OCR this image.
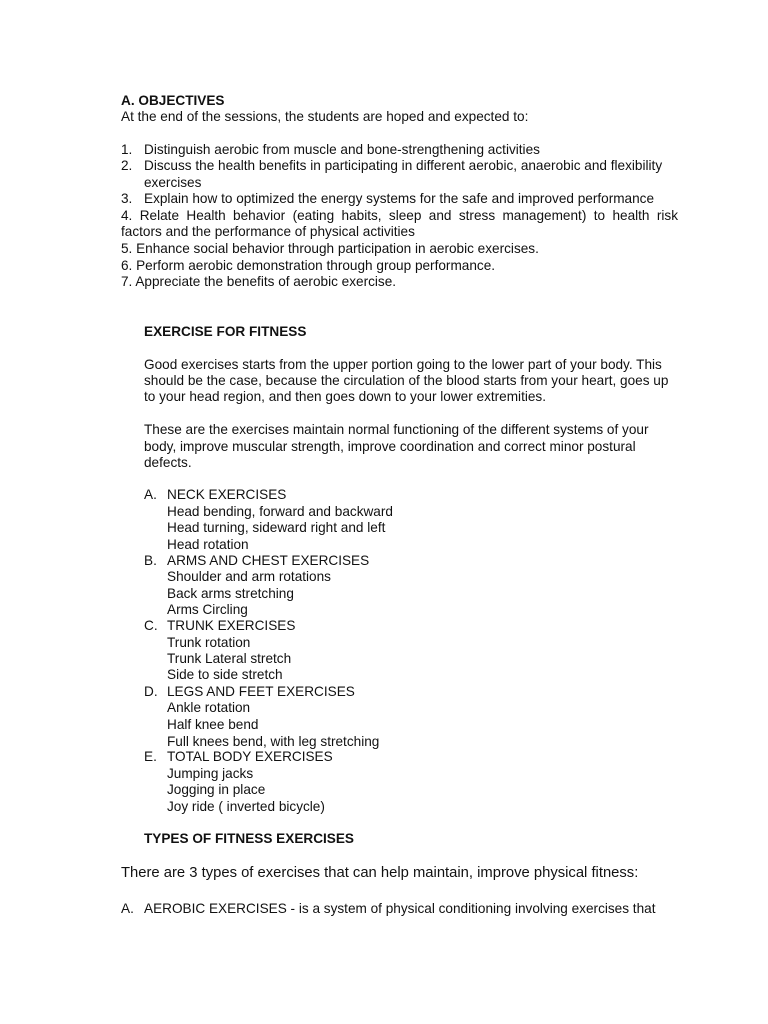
A. OBJECTIVES
At the end of the sessions, the students are hoped and expected to:
1. Distinguish aerobic from muscle and bone-strengthening activities
2. Discuss the health benefits in participating in different aerobic, anaerobic and flexibility
exercises
3. Explain how to optimized the energy systems for the safe and improved performance
4. Relate Health behavior (eating habits, sleep and stress management) to health risk
factors and the performance of physical activities
5. Enhance social behavior through participation in aerobic exercises.
6. Perform aerobic demonstration through group performance.
7. Appreciate the benefits of aerobic exercise.
EXERCISE FOR FITNESS
Good exercises starts from the upper portion going to the lower part of your body. This
should be the case, because the circulation of the blood starts from your heart, goes up
to your head region, and then goes down to your lower extremities.
These are the exercises maintain normal functioning of the different systems of your
body, improve muscular strength, improve coordination and correct minor postural
defects.
A. NECK EXERCISES
Head bending, forward and backward
Head turning, sideward right and left
Head rotation
B. ARMS AND CHEST EXERCISES
Shoulder and arm rotations
Back arms stretching
Arms Circling
C. TRUNK EXERCISES
Trunk rotation
Trunk Lateral stretch
Side to side stretch
D. LEGS AND FEET EXERCISES
Ankle rotation
Half knee bend
Full knees bend, with leg stretching
E. TOTAL BODY EXERCISES
Jumping jacks
Jogging in place
Joy ride ( inverted bicycle)
TYPES OF FITNESS EXERCISES
There are 3 types of exercises that can help maintain, improve physical fitness:
A. AEROBIC EXERCISES - is a system of physical conditioning involving exercises that
